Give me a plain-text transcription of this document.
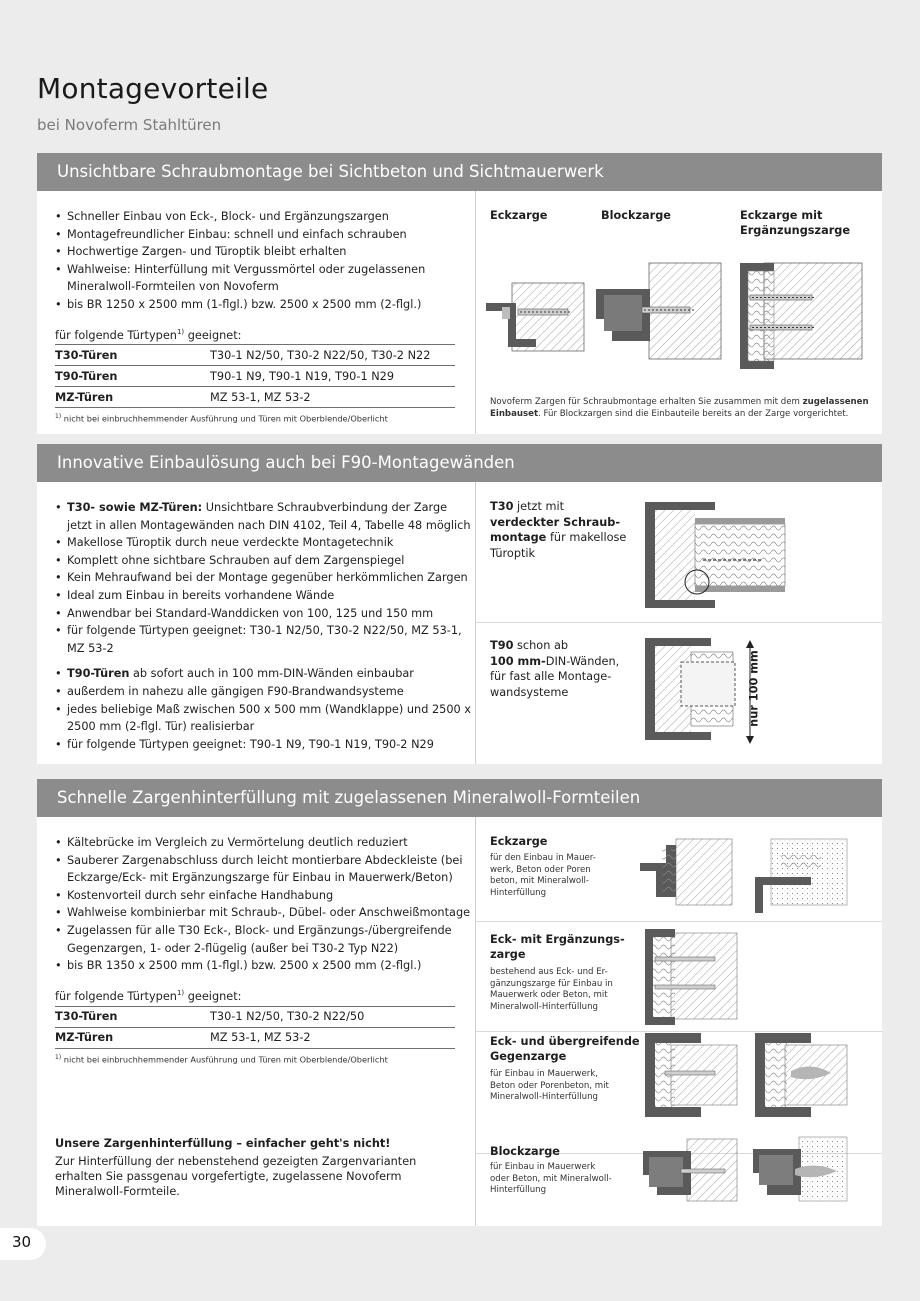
Montagevorteile
bei Novoferm Stahltüren
Unsichtbare Schraubmontage bei Sichtbeton und Sichtmauerwerk
• Schneller Einbau von Eck-, Block- und Ergänzungszargen
• Montagefreundlicher Einbau: schnell und einfach schrauben
• Hochwertige Zargen- und Türoptik bleibt erhalten
• Wahlweise: Hinterfüllung mit Vergussmörtel oder zugelassenen Mineralwoll-Formteilen von Novoferm
• bis BR 1250 x 2500 mm (1-flgl.) bzw. 2500 x 2500 mm (2-flgl.)
für folgende Türtypen$^{1)}$ geeignet:
T30-Türen	T30-1 N2/50, T30-2 N22/50, T30-2 N22
T90-Türen	T90-1 N9, T90-1 N19, T90-1 N29
MZ-Türen	MZ 53-1, MZ 53-2
$^{1)}$ nicht bei einbruchhemmender Ausführung und Türen mit Oberblende/Oberlicht
Eckzarge	Blockzarge	Eckzarge mit Ergänzungszarge
Novoferm Zargen für Schraubmontage erhalten Sie zusammen mit dem zugelassenen Einbauset. Für Blockzargen sind die Einbauteile bereits an der Zarge vorgerichtet.
Innovative Einbaulösung auch bei F90-Montagewänden
• T30- sowie MZ-Türen: Unsichtbare Schraubverbindung der Zarge jetzt in allen Montagewänden nach DIN 4102, Teil 4, Tabelle 48 möglich
• Makellose Türoptik durch neue verdeckte Montagetechnik
• Komplett ohne sichtbare Schrauben auf dem Zargenspiegel
• Kein Mehraufwand bei der Montage gegenüber herkömmlichen Zargen
• Ideal zum Einbau in bereits vorhandene Wände
• Anwendbar bei Standard-Wanddicken von 100, 125 und 150 mm
• für folgende Türtypen geeignet: T30-1 N2/50, T30-2 N22/50, MZ 53-1, MZ 53-2
• T90-Türen ab sofort auch in 100 mm-DIN-Wänden einbaubar
• außerdem in nahezu alle gängigen F90-Brandwandsysteme
• jedes beliebige Maß zwischen 500 x 500 mm (Wandklappe) und 2500 x 2500 mm (2-flgl. Tür) realisierbar
• für folgende Türtypen geeignet: T90-1 N9, T90-1 N19, T90-2 N29
T30 jetzt mit
verdeckter Schraub-
montage für makellose
Türoptik
T90 schon ab
100 mm-DIN-Wänden,
für fast alle Montage-
wandsysteme	nur 100 mm
Schnelle Zargenhinterfüllung mit zugelassenen Mineralwoll-Formteilen
• Kältebrücke im Vergleich zu Vermörtelung deutlich reduziert
• Sauberer Zargenabschluss durch leicht montierbare Abdeckleiste (bei Eckzarge/Eck- mit Ergänzungszarge für Einbau in Mauerwerk/Beton)
• Kostenvorteil durch sehr einfache Handhabung
• Wahlweise kombinierbar mit Schraub-, Dübel- oder Anschweißmontage
• Zugelassen für alle T30 Eck-, Block- und Ergänzungs-/übergreifende Gegenzargen, 1- oder 2-flügelig (außer bei T30-2 Typ N22)
• bis BR 1350 x 2500 mm (1-flgl.) bzw. 2500 x 2500 mm (2-flgl.)
für folgende Türtypen$^{1)}$ geeignet:
T30-Türen	T30-1 N2/50, T30-2 N22/50
MZ-Türen	MZ 53-1, MZ 53-2
$^{1)}$ nicht bei einbruchhemmender Ausführung und Türen mit Oberblende/Oberlicht
Unsere Zargenhinterfüllung – einfacher geht's nicht!
Zur Hinterfüllung der nebenstehend gezeigten Zargenvarianten erhalten Sie passgenau vorgefertigte, zugelassene Novoferm Mineralwoll-Formteile.
Eckzarge
für den Einbau in Mauer-
werk, Beton oder Poren
beton, mit Mineralwoll-
Hinterfüllung
Eck- mit Ergänzungs-
zarge
bestehend aus Eck- und Er-
gänzungszarge für Einbau in
Mauerwerk oder Beton, mit
Mineralwoll-Hinterfüllung
Eck- und übergreifende
Gegenzarge
für Einbau in Mauerwerk,
Beton oder Porenbeton, mit
Mineralwoll-Hinterfüllung
Blockzarge
für Einbau in Mauerwerk
oder Beton, mit Mineralwoll-
Hinterfüllung
30
